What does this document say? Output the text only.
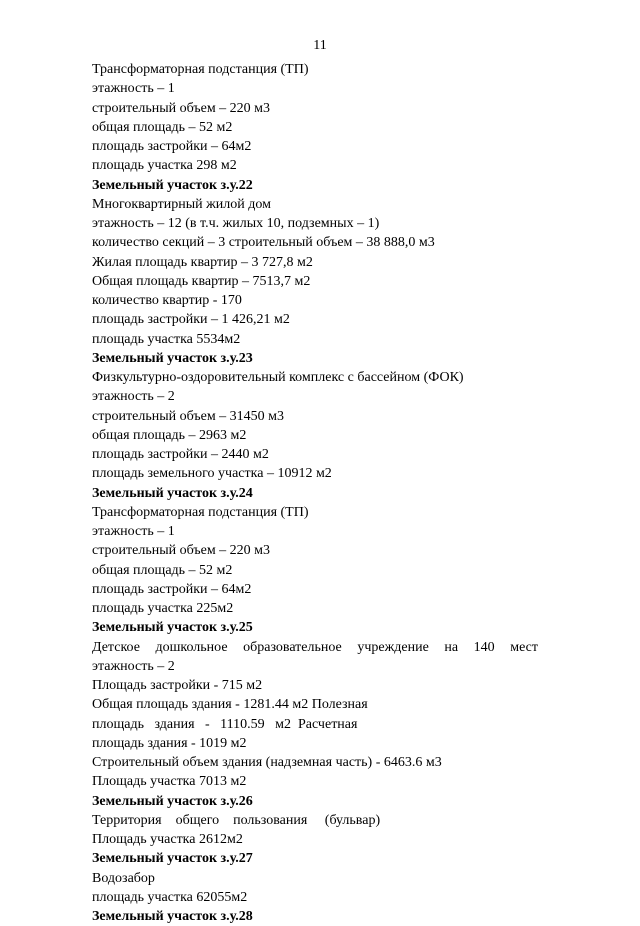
11
Трансформаторная подстанция (ТП)
этажность – 1
строительный объем – 220 м3
общая площадь – 52 м2
площадь застройки – 64м2
площадь участка 298 м2
Земельный участок з.у.22
Многоквартирный жилой дом
этажность – 12 (в т.ч. жилых 10, подземных – 1)
количество секций – 3 строительный объем – 38 888,0 м3
Жилая площадь квартир – 3 727,8 м2
Общая площадь квартир – 7513,7 м2
количество квартир - 170
площадь застройки – 1 426,21 м2
площадь участка 5534м2
Земельный участок з.у.23
Физкультурно-оздоровительный комплекс с бассейном (ФОК)
этажность – 2
строительный объем – 31450 м3
общая площадь – 2963 м2
площадь застройки – 2440 м2
площадь земельного участка – 10912 м2
Земельный участок з.у.24
Трансформаторная подстанция (ТП)
этажность – 1
строительный объем – 220 м3
общая площадь – 52 м2
площадь застройки – 64м2
площадь участка 225м2
Земельный участок з.у.25
Детское дошкольное образовательное учреждение на 140 мест
этажность – 2
Площадь застройки - 715 м2
Общая площадь здания - 1281.44 м2 Полезная
площадь   здания   -   1110.59   м2  Расчетная
площадь здания - 1019 м2
Строительный объем здания (надземная часть) - 6463.6 м3
Площадь участка 7013 м2
Земельный участок з.у.26
Территория    общего    пользования     (бульвар)
Площадь участка 2612м2
Земельный участок з.у.27
Водозабор
площадь участка 62055м2
Земельный участок з.у.28
